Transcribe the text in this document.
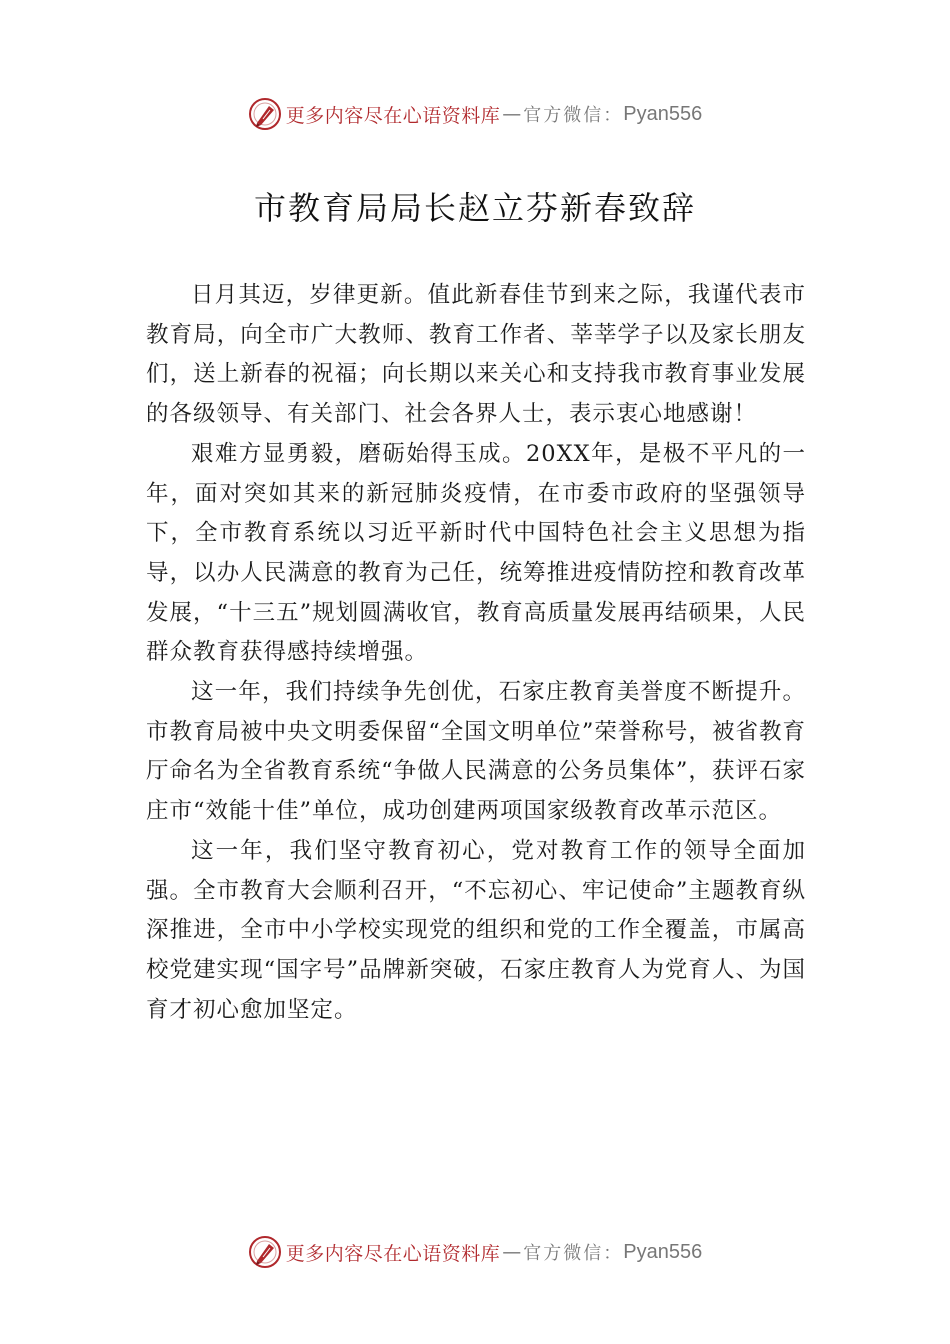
更多内容尽在心语资料库 — 官方微信： Pyan556
市教育局局长赵立芬新春致辞

日月其迈，岁律更新。值此新春佳节到来之际，我谨代表市教育局，向全市广大教师、教育工作者、莘莘学子以及家长朋友们，送上新春的祝福；向长期以来关心和支持我市教育事业发展的各级领导、有关部门、社会各界人士，表示衷心地感谢！

艰难方显勇毅，磨砺始得玉成。20XX年，是极不平凡的一年，面对突如其来的新冠肺炎疫情，在市委市政府的坚强领导下，全市教育系统以习近平新时代中国特色社会主义思想为指导，以办人民满意的教育为己任，统筹推进疫情防控和教育改革发展，“十三五”规划圆满收官，教育高质量发展再结硕果，人民群众教育获得感持续增强。

这一年，我们持续争先创优，石家庄教育美誉度不断提升。市教育局被中央文明委保留“全国文明单位”荣誉称号，被省教育厅命名为全省教育系统“争做人民满意的公务员集体”，获评石家庄市“效能十佳”单位，成功创建两项国家级教育改革示范区。

这一年，我们坚守教育初心，党对教育工作的领导全面加强。全市教育大会顺利召开，“不忘初心、牢记使命”主题教育纵深推进，全市中小学校实现党的组织和党的工作全覆盖，市属高校党建实现“国字号”品牌新突破，石家庄教育人为党育人、为国育才初心愈加坚定。

更多内容尽在心语资料库 — 官方微信： Pyan556
